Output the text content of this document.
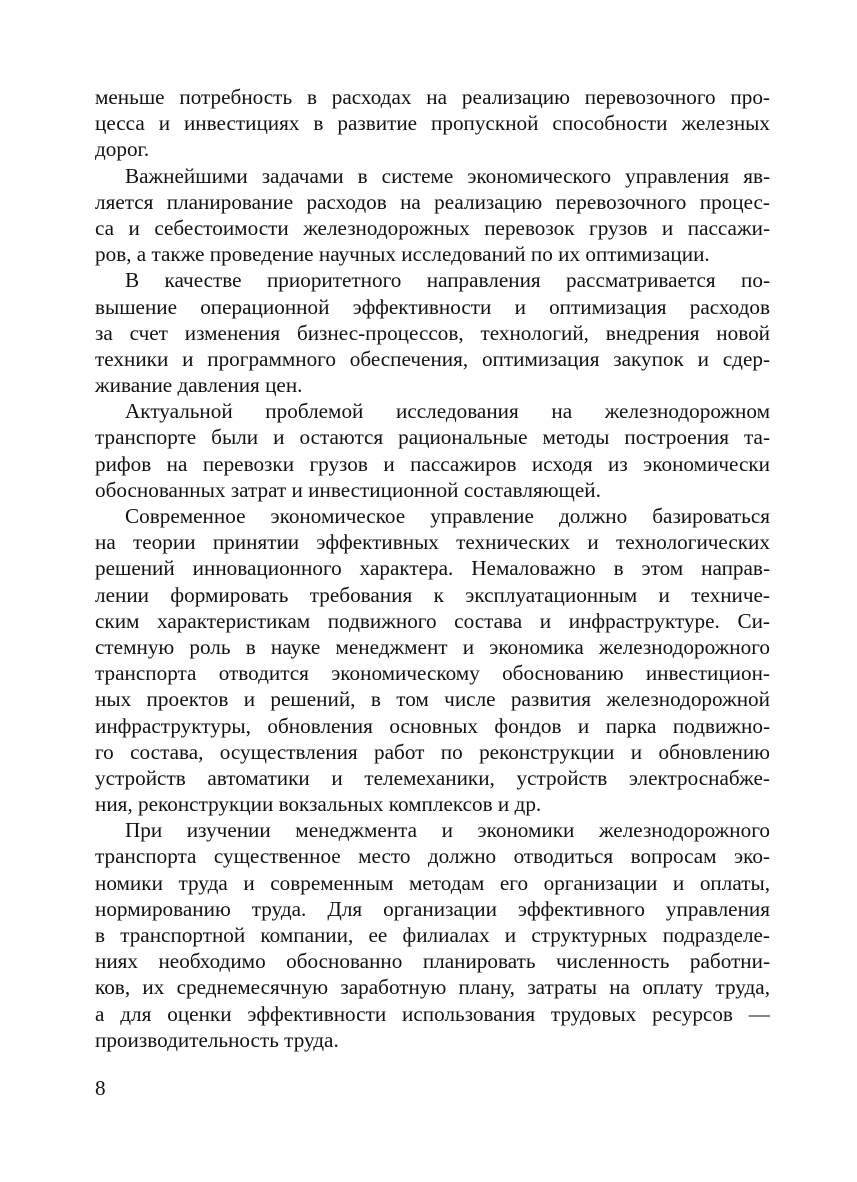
меньше потребность в расходах на реализацию перевозочного про-
цесса и инвестициях в развитие пропускной способности железных
дорог.

Важнейшими задачами в системе экономического управления яв-
ляется планирование расходов на реализацию перевозочного процес-
са и себестоимости железнодорожных перевозок грузов и пассажи-
ров, а также проведение научных исследований по их оптимизации.

В качестве приоритетного направления рассматривается по-
вышение операционной эффективности и оптимизация расходов
за счет изменения бизнес-процессов, технологий, внедрения новой
техники и программного обеспечения, оптимизация закупок и сдер-
живание давления цен.

Актуальной проблемой исследования на железнодорожном
транспорте были и остаются рациональные методы построения та-
рифов на перевозки грузов и пассажиров исходя из экономически
обоснованных затрат и инвестиционной составляющей.

Современное экономическое управление должно базироваться
на теории принятии эффективных технических и технологических
решений инновационного характера. Немаловажно в этом направ-
лении формировать требования к эксплуатационным и техниче-
ским характеристикам подвижного состава и инфраструктуре. Си-
стемную роль в науке менеджмент и экономика железнодорожного
транспорта отводится экономическому обоснованию инвестицион-
ных проектов и решений, в том числе развития железнодорожной
инфраструктуры, обновления основных фондов и парка подвижно-
го состава, осуществления работ по реконструкции и обновлению
устройств автоматики и телемеханики, устройств электроснабже-
ния, реконструкции вокзальных комплексов и др.

При изучении менеджмента и экономики железнодорожного
транспорта существенное место должно отводиться вопросам эко-
номики труда и современным методам его организации и оплаты,
нормированию труда. Для организации эффективного управления
в транспортной компании, ее филиалах и структурных подразделе-
ниях необходимо обоснованно планировать численность работни-
ков, их среднемесячную заработную плану, затраты на оплату труда,
а для оценки эффективности использования трудовых ресурсов —
производительность труда.

8
